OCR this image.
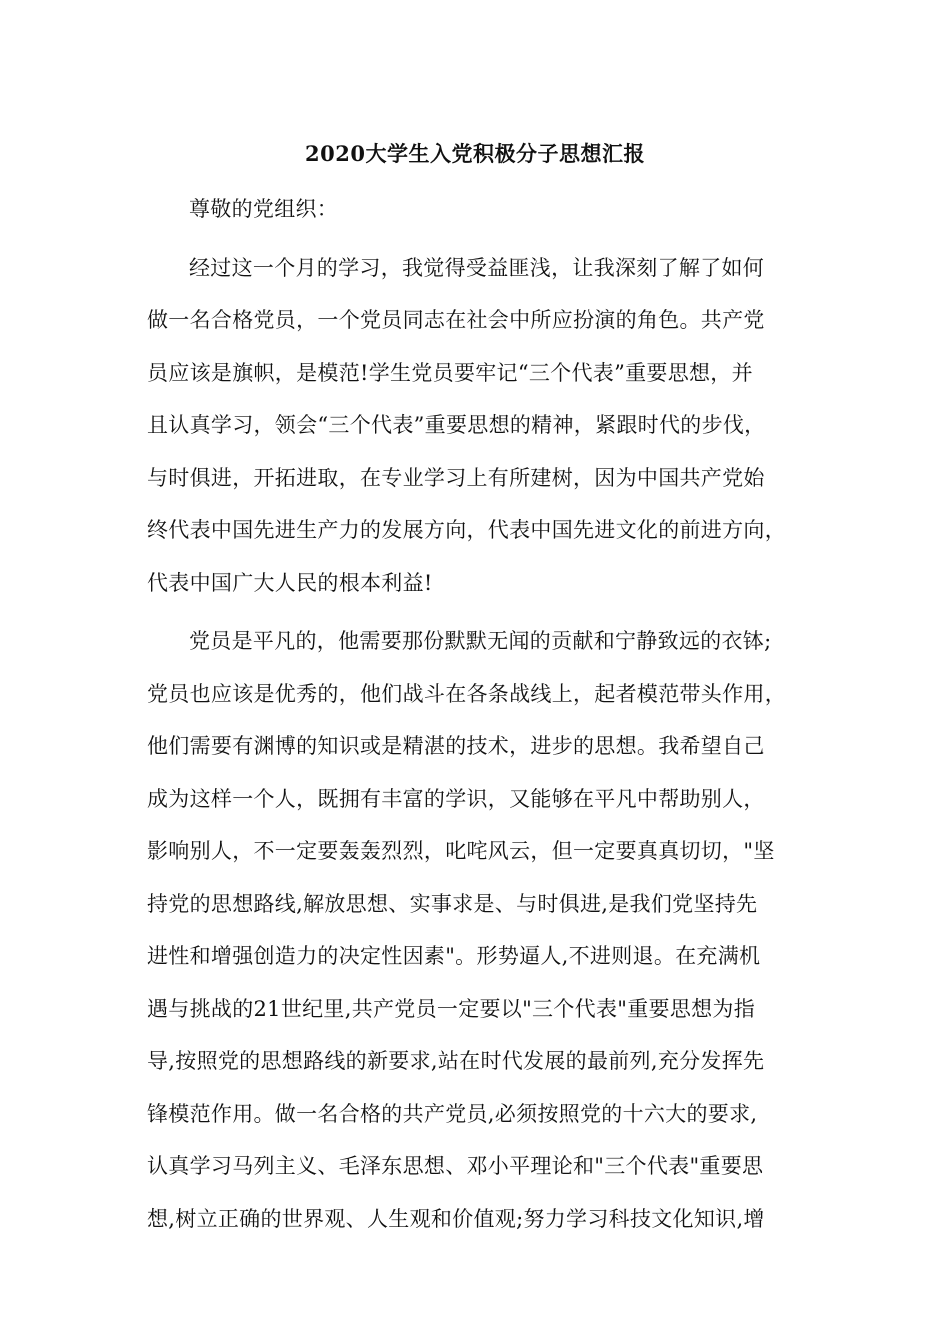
2020大学生入党积极分子思想汇报
尊敬的党组织：
经过这一个月的学习，我觉得受益匪浅，让我深刻了解了如何
做一名合格党员，一个党员同志在社会中所应扮演的角色。共产党
员应该是旗帜，是模范!学生党员要牢记“三个代表”重要思想，并
且认真学习，领会“三个代表”重要思想的精神，紧跟时代的步伐，
与时俱进，开拓进取，在专业学习上有所建树，因为中国共产党始
终代表中国先进生产力的发展方向，代表中国先进文化的前进方向，
代表中国广大人民的根本利益!
党员是平凡的，他需要那份默默无闻的贡献和宁静致远的衣钵;
党员也应该是优秀的，他们战斗在各条战线上，起者模范带头作用，
他们需要有渊博的知识或是精湛的技术，进步的思想。我希望自己
成为这样一个人，既拥有丰富的学识，又能够在平凡中帮助别人，
影响别人，不一定要轰轰烈烈，叱咤风云，但一定要真真切切，"坚
持党的思想路线,解放思想、实事求是、与时俱进,是我们党坚持先
进性和增强创造力的决定性因素"。形势逼人,不进则退。在充满机
遇与挑战的21世纪里,共产党员一定要以"三个代表"重要思想为指
导,按照党的思想路线的新要求,站在时代发展的最前列,充分发挥先
锋模范作用。做一名合格的共产党员,必须按照党的十六大的要求,
认真学习马列主义、毛泽东思想、邓小平理论和"三个代表"重要思
想,树立正确的世界观、人生观和价值观;努力学习科技文化知识,增
